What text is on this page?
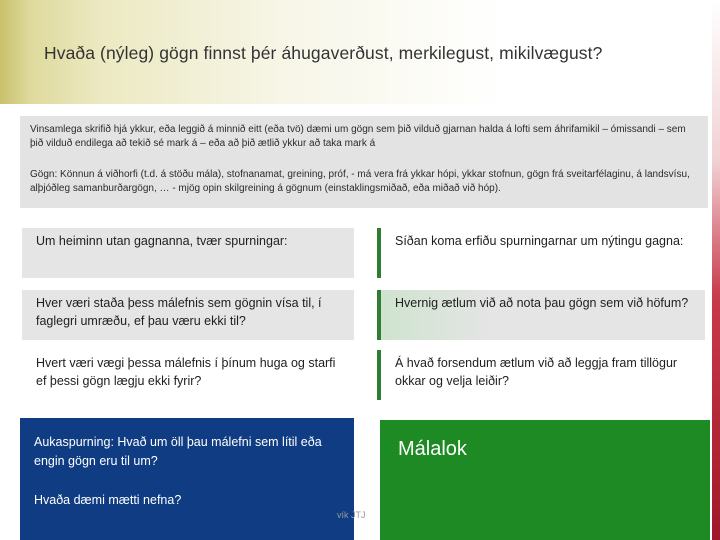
Hvaða (nýleg) gögn finnst þér áhugaverðust, merkilegust, mikilvægust?

Vinsamlega skrifið hjá ykkur, eða leggið á minnið eitt (eða tvö) dæmi um gögn sem þið vilduð gjarnan halda á lofti sem áhrifamikil – ómissandi – sem þið vilduð endilega að tekið sé mark á – eða að þið ætlið ykkur að taka mark á

Gögn: Könnun á viðhorfi (t.d. á stöðu mála), stofnanamat, greining, próf, - má vera frá ykkar hópi, ykkar stofnun, gögn frá sveitarfélaginu, á landsvísu, alþjóðleg samanburðargögn, … - mjög opin skilgreining á gögnum (einstaklingsmiðað, eða miðað við hóp).

Um heiminn utan gagnanna, tvær spurningar:
Hver væri staða þess málefnis sem gögnin vísa til, í faglegri umræðu, ef þau væru ekki til?
Hvert væri vægi þessa málefnis í þínum huga og starfi ef þessi gögn lægju ekki fyrir?
Síðan koma erfiðu spurningarnar um nýtingu gagna:
Hvernig ætlum við að nota þau gögn sem við höfum?
Á hvað forsendum ætlum við að leggja fram tillögur okkar og velja leiðir?
Aukaspurning: Hvað um öll þau málefni sem lítil eða engin gögn eru til um?
Hvaða dæmi mætti nefna?
Málalok
vík JTJ
